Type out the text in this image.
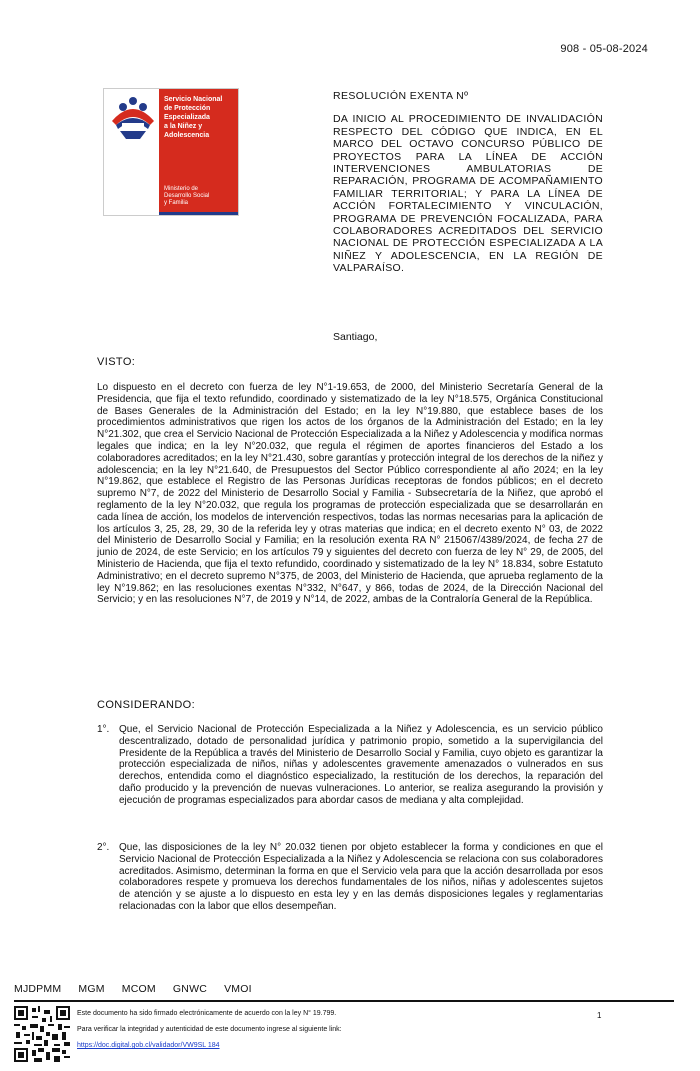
908 - 05-08-2024

Servicio Nacional

de Protección

Especializada

a la Niñez y

Adolescencia

Ministerio de
Desarrollo Social
y Familia

RESOLUCIÓN EXENTA Nº

DA INICIO AL PROCEDIMIENTO DE INVALIDACIÓN RESPECTO DEL CÓDIGO QUE INDICA, EN EL MARCO DEL OCTAVO CONCURSO PÚBLICO DE PROYECTOS PARA LA LÍNEA DE ACCIÓN INTERVENCIONES AMBULATORIAS DE REPARACIÓN, PROGRAMA DE ACOMPAÑAMIENTO FAMILIAR TERRITORIAL; Y PARA LA LÍNEA DE ACCIÓN FORTALECIMIENTO Y VINCULACIÓN, PROGRAMA DE PREVENCIÓN FOCALIZADA, PARA COLABORADORES ACREDITADOS DEL SERVICIO NACIONAL DE PROTECCIÓN ESPECIALIZADA A LA NIÑEZ Y ADOLESCENCIA, EN LA REGIÓN DE VALPARAÍSO.

Santiago,
VISTO:

Lo dispuesto en el decreto con fuerza de ley N°1-19.653, de 2000, del Ministerio Secretaría General de la Presidencia, que fija el texto refundido, coordinado y sistematizado de la ley N°18.575, Orgánica Constitucional de Bases Generales de la Administración del Estado; en la ley N°19.880, que establece bases de los procedimientos administrativos que rigen los actos de los órganos de la Administración del Estado; en la ley N°21.302, que crea el Servicio Nacional de Protección Especializada a la Niñez y Adolescencia y modifica normas legales que indica; en la ley N°20.032, que regula el régimen de aportes financieros del Estado a los colaboradores acreditados; en la ley N°21.430, sobre garantías y protección integral de los derechos de la niñez y adolescencia; en la ley N°21.640, de Presupuestos del Sector Público correspondiente al año 2024; en la ley N°19.862, que establece el Registro de las Personas Jurídicas receptoras de fondos públicos; en el decreto supremo N°7, de 2022 del Ministerio de Desarrollo Social y Familia - Subsecretaría de la Niñez, que aprobó el reglamento de la ley N°20.032, que regula los programas de protección especializada que se desarrollarán en cada línea de acción, los modelos de intervención respectivos, todas las normas necesarias para la aplicación de los artículos 3, 25, 28, 29, 30 de la referida ley y otras materias que indica; en el decreto exento N° 03, de 2022 del Ministerio de Desarrollo Social y Familia; en la resolución exenta RA N° 215067/4389/2024, de fecha 27 de junio de 2024, de este Servicio; en los artículos 79 y siguientes del decreto con fuerza de ley N° 29, de 2005, del Ministerio de Hacienda, que fija el texto refundido, coordinado y sistematizado de la ley N° 18.834, sobre Estatuto Administrativo; en el decreto supremo N°375, de 2003, del Ministerio de Hacienda, que aprueba reglamento de la ley N°19.862; en las resoluciones exentas N°332, N°647, y 866, todas de 2024, de la Dirección Nacional del Servicio; y en las resoluciones N°7, de 2019 y N°14, de 2022, ambas de la Contraloría General de la República.

CONSIDERANDO:
1°. Que, el Servicio Nacional de Protección Especializada a la Niñez y Adolescencia, es un servicio público descentralizado, dotado de personalidad jurídica y patrimonio propio, sometido a la supervigilancia del Presidente de la República a través del Ministerio de Desarrollo Social y Familia, cuyo objeto es garantizar la protección especializada de niños, niñas y adolescentes gravemente amenazados o vulnerados en sus derechos, entendida como el diagnóstico especializado, la restitución de los derechos, la reparación del daño producido y la prevención de nuevas vulneraciones. Lo anterior, se realiza asegurando la provisión y ejecución de programas especializados para abordar casos de mediana y alta complejidad.

2°. Que, las disposiciones de la ley N° 20.032 tienen por objeto establecer la forma y condiciones en que el Servicio Nacional de Protección Especializada a la Niñez y Adolescencia se relaciona con sus colaboradores acreditados. Asimismo, determinan la forma en que el Servicio vela para que la acción desarrollada por esos colaboradores respete y promueva los derechos fundamentales de los niños, niñas y adolescentes sujetos de atención y se ajuste a lo dispuesto en esta ley y en las demás disposiciones legales y reglamentarias relacionadas con la labor que ellos desempeñan.

MJDPMM MGM MCOM GNWC VMOI
Este documento ha sido firmado electrónicamente de acuerdo con la ley N° 19.799.
Para verificar la integridad y autenticidad de este documento ingrese al siguiente link:
https://doc.digital.gob.cl/validador/VW9SL 184
1
